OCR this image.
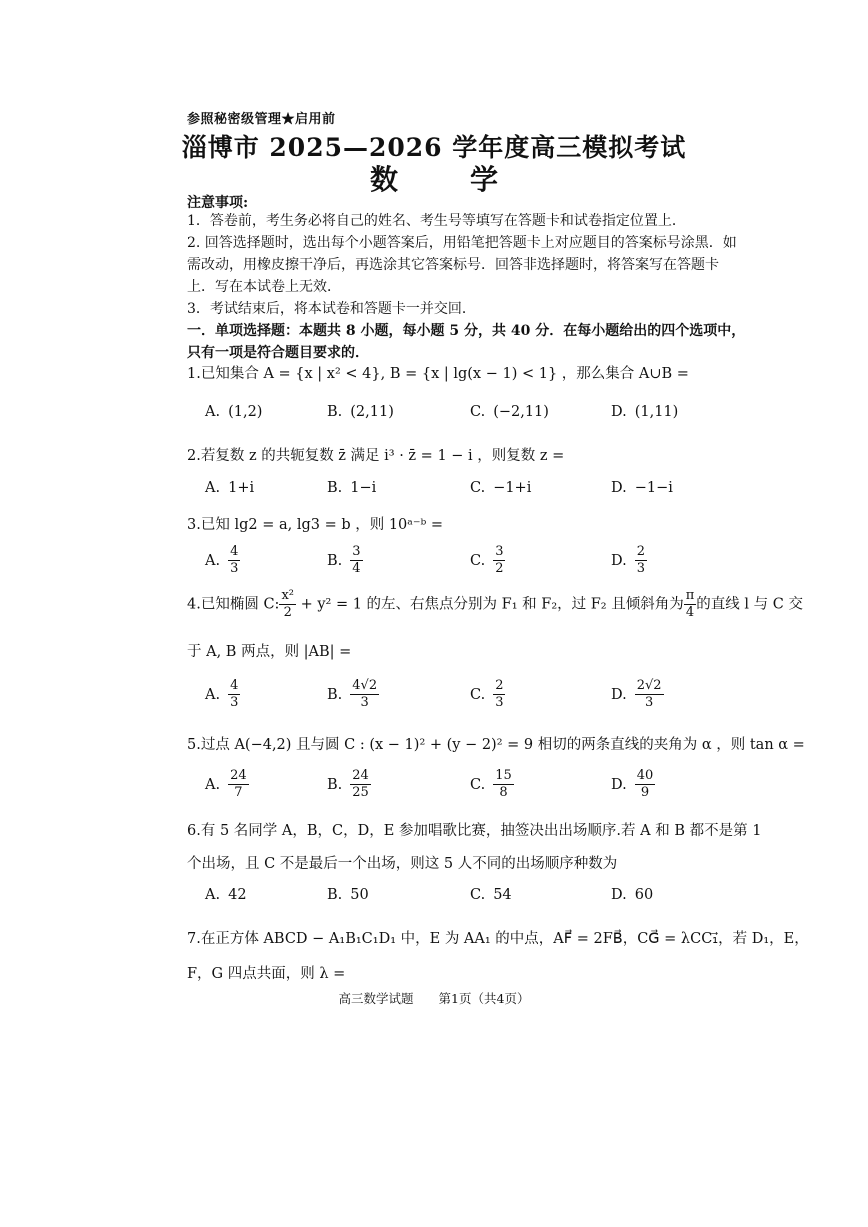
参照秘密级管理★启用前
淄博市 2025—2026 学年度高三模拟考试
数　学
注意事项:
1．答卷前，考生务必将自己的姓名、考生号等填写在答题卡和试卷指定位置上．
2. 回答选择题时，选出每个小题答案后，用铅笔把答题卡上对应题目的答案标号涂黑．如
需改动，用橡皮擦干净后，再选涂其它答案标号．回答非选择题时，将答案写在答题卡
上．写在本试卷上无效．
3．考试结束后，将本试卷和答题卡一并交回．
一．单项选择题：本题共 8 小题，每小题 5 分，共 40 分．在每小题给出的四个选项中，
只有一项是符合题目要求的．
1.已知集合 A = {x | x² < 4}, B = {x | lg(x − 1) < 1} ，那么集合 A∪B =
A. (1,2)	B. (2,11)	C. (−2,11)	D. (1,11)
2.若复数 z 的共轭复数 z̄ 满足 i³ · z̄ = 1 − i ，则复数 z =
A. 1+i	B. 1−i	C. −1+i	D. −1−i
3.已知 lg2 = a, lg3 = b ，则 10ᵃ⁻ᵇ =
A. $\frac{4}{3}$	B. $\frac{3}{4}$	C. $\frac{3}{2}$	D. $\frac{2}{3}$
4.已知椭圆 C: $\frac{\text{x²}}{2} + y^2 = 1$ 的左、右焦点分别为 F₁ 和 F₂，过 F₂ 且倾斜角为 $\frac{\pi}{4}$ 的直线 l 与 C 交
于 A, B 两点，则 |AB| =
A. $\frac{4}{3}$	B. $\frac{4√2}{3}$	C. $\frac{2}{3}$	D. $\frac{2√2}{3}$
5.过点 A(−4,2) 且与圆 C : (x − 1)² + (y − 2)² = 9 相切的两条直线的夹角为 α ，则 tan α =
A. $\frac{24}{7}$	B. $\frac{24}{25}$	C. $\frac{15}{8}$	D. $\frac{40}{9}$
6.有 5 名同学 A，B，C，D，E 参加唱歌比赛，抽签决出出场顺序.若 A 和 B 都不是第 1
个出场，且 C 不是最后一个出场，则这 5 人不同的出场顺序种数为
A. 42	B. 50	C. 54	D. 60
7.在正方体 ABCD − A₁B₁C₁D₁ 中，E 为 AA₁ 的中点，AF⃗ = 2FB⃗，CG⃗ = λCC₁⃗，若 D₁，E，
F，G 四点共面，则 λ =
高三数学试题　　第1页（共4页）
